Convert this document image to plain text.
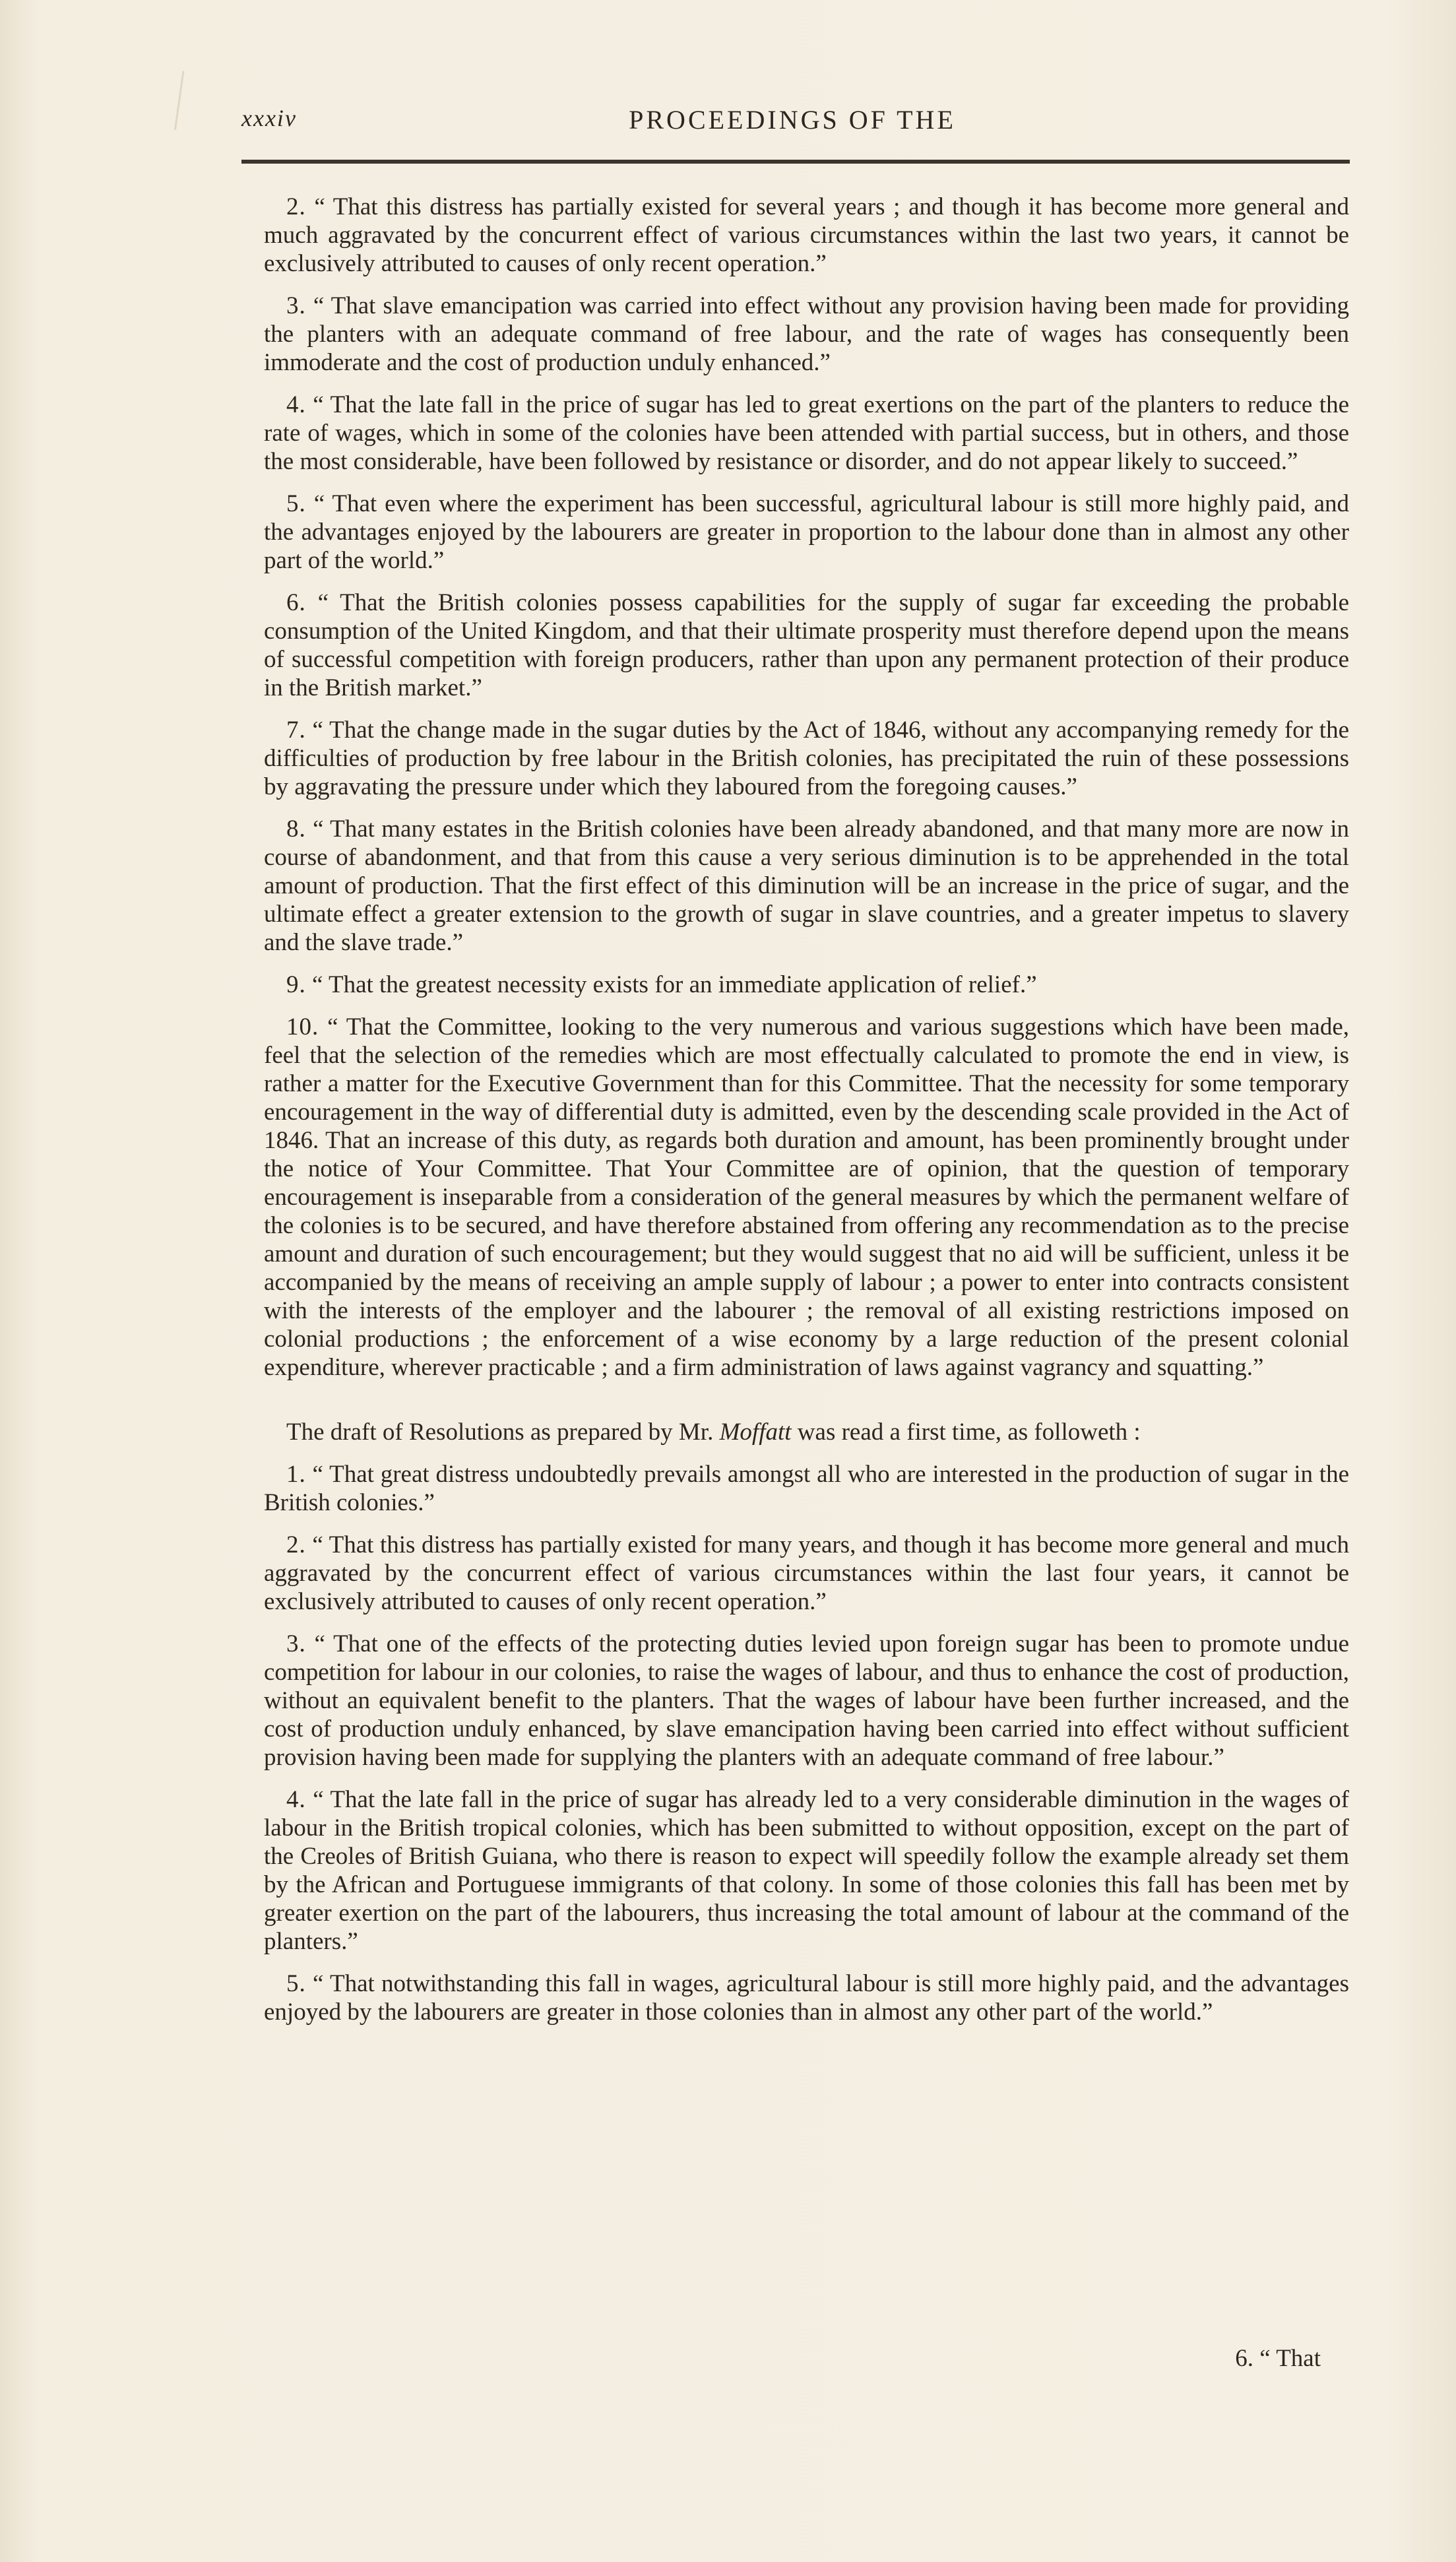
xxxiv	PROCEEDINGS OF THE

2. “ That this distress has partially existed for several years ; and though it has become more general and much aggravated by the concurrent effect of various circumstances within the last two years, it cannot be exclusively attributed to causes of only recent operation.”

3. “ That slave emancipation was carried into effect without any provision having been made for providing the planters with an adequate command of free labour, and the rate of wages has consequently been immoderate and the cost of production unduly enhanced.”

4. “ That the late fall in the price of sugar has led to great exertions on the part of the planters to reduce the rate of wages, which in some of the colonies have been attended with partial success, but in others, and those the most considerable, have been followed by resistance or disorder, and do not appear likely to succeed.”

5. “ That even where the experiment has been successful, agricultural labour is still more highly paid, and the advantages enjoyed by the labourers are greater in proportion to the labour done than in almost any other part of the world.”

6. “ That the British colonies possess capabilities for the supply of sugar far exceeding the probable consumption of the United Kingdom, and that their ultimate prosperity must therefore depend upon the means of successful competition with foreign producers, rather than upon any permanent protection of their produce in the British market.”

7. “ That the change made in the sugar duties by the Act of 1846, without any accompanying remedy for the difficulties of production by free labour in the British colonies, has precipitated the ruin of these possessions by aggravating the pressure under which they laboured from the foregoing causes.”

8. “ That many estates in the British colonies have been already abandoned, and that many more are now in course of abandonment, and that from this cause a very serious diminution is to be apprehended in the total amount of production. That the first effect of this diminution will be an increase in the price of sugar, and the ultimate effect a greater extension to the growth of sugar in slave countries, and a greater impetus to slavery and the slave trade.”

9. “ That the greatest necessity exists for an immediate application of relief.”

10. “ That the Committee, looking to the very numerous and various suggestions which have been made, feel that the selection of the remedies which are most effectually calculated to promote the end in view, is rather a matter for the Executive Government than for this Committee. That the necessity for some temporary encouragement in the way of differential duty is admitted, even by the descending scale provided in the Act of 1846. That an increase of this duty, as regards both duration and amount, has been prominently brought under the notice of Your Committee. That Your Committee are of opinion, that the question of temporary encouragement is inseparable from a consideration of the general measures by which the permanent welfare of the colonies is to be secured, and have therefore abstained from offering any recommendation as to the precise amount and duration of such encouragement; but they would suggest that no aid will be sufficient, unless it be accompanied by the means of receiving an ample supply of labour ; a power to enter into contracts consistent with the interests of the employer and the labourer ; the removal of all existing restrictions imposed on colonial productions ; the enforcement of a wise economy by a large reduction of the present colonial expenditure, wherever practicable ; and a firm administration of laws against vagrancy and squatting.”

The draft of Resolutions as prepared by Mr. Moffatt was read a first time, as followeth :

1. “ That great distress undoubtedly prevails amongst all who are interested in the production of sugar in the British colonies.”

2. “ That this distress has partially existed for many years, and though it has become more general and much aggravated by the concurrent effect of various circumstances within the last four years, it cannot be exclusively attributed to causes of only recent operation.”

3. “ That one of the effects of the protecting duties levied upon foreign sugar has been to promote undue competition for labour in our colonies, to raise the wages of labour, and thus to enhance the cost of production, without an equivalent benefit to the planters. That the wages of labour have been further increased, and the cost of production unduly enhanced, by slave emancipation having been carried into effect without sufficient provision having been made for supplying the planters with an adequate command of free labour.”

4. “ That the late fall in the price of sugar has already led to a very considerable diminution in the wages of labour in the British tropical colonies, which has been submitted to without opposition, except on the part of the Creoles of British Guiana, who there is reason to expect will speedily follow the example already set them by the African and Portuguese immigrants of that colony. In some of those colonies this fall has been met by greater exertion on the part of the labourers, thus increasing the total amount of labour at the command of the planters.”

5. “ That notwithstanding this fall in wages, agricultural labour is still more highly paid, and the advantages enjoyed by the labourers are greater in those colonies than in almost any other part of the world.”

6. “ That
